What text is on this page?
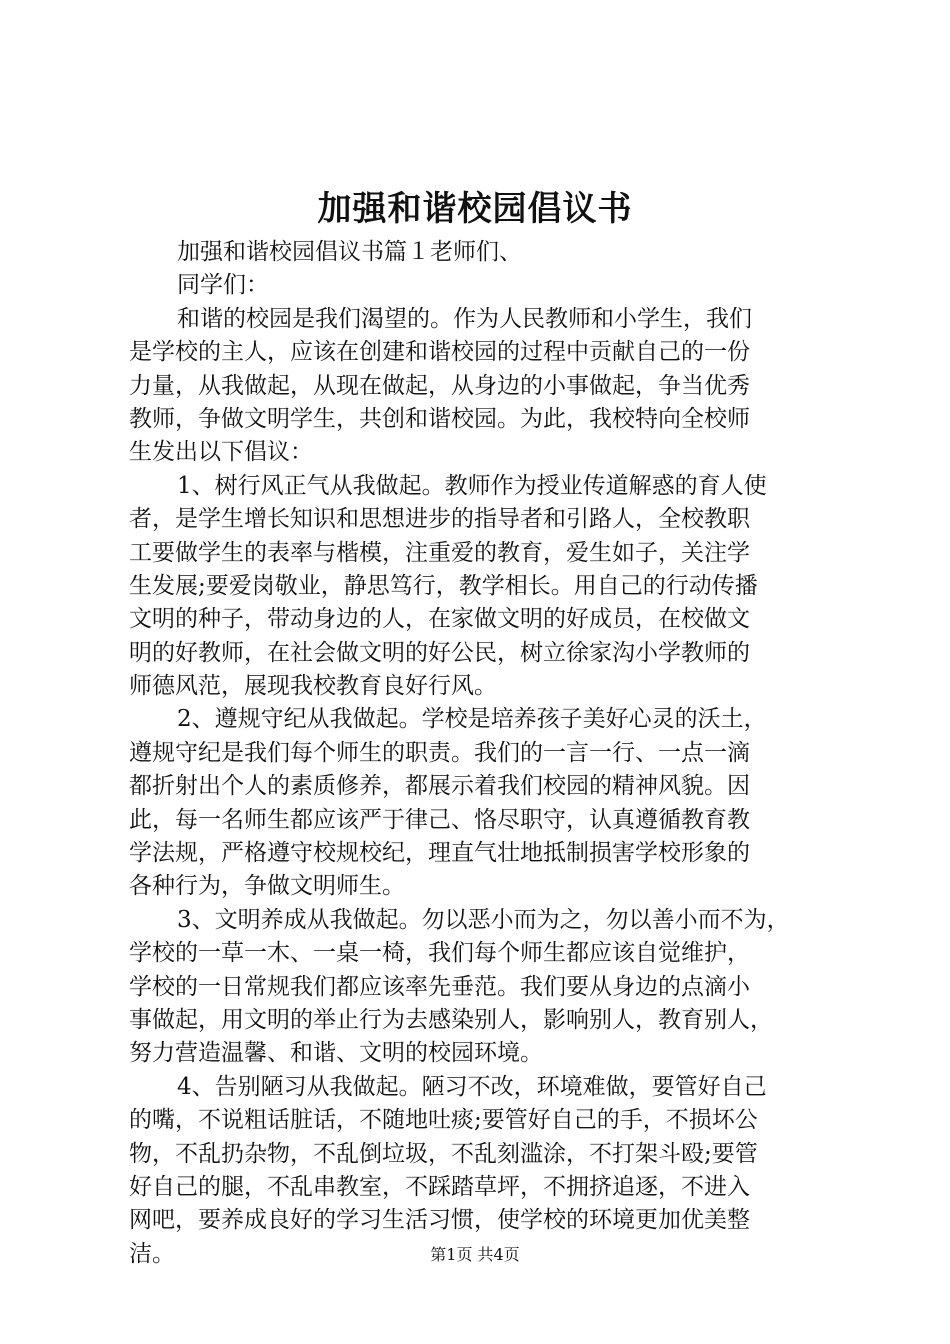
加强和谐校园倡议书
加强和谐校园倡议书篇１老师们、
同学们：
和谐的校园是我们渴望的。作为人民教师和小学生，我们
是学校的主人，应该在创建和谐校园的过程中贡献自己的一份
力量，从我做起，从现在做起，从身边的小事做起，争当优秀
教师，争做文明学生，共创和谐校园。为此，我校特向全校师
生发出以下倡议：
1、树行风正气从我做起。教师作为授业传道解惑的育人使
者，是学生增长知识和思想进步的指导者和引路人，全校教职
工要做学生的表率与楷模，注重爱的教育，爱生如子，关注学
生发展;要爱岗敬业，静思笃行，教学相长。用自己的行动传播
文明的种子，带动身边的人，在家做文明的好成员，在校做文
明的好教师，在社会做文明的好公民，树立徐家沟小学教师的
师德风范，展现我校教育良好行风。
2、遵规守纪从我做起。学校是培养孩子美好心灵的沃土，
遵规守纪是我们每个师生的职责。我们的一言一行、一点一滴
都折射出个人的素质修养，都展示着我们校园的精神风貌。因
此，每一名师生都应该严于律己、恪尽职守，认真遵循教育教
学法规，严格遵守校规校纪，理直气壮地抵制损害学校形象的
各种行为，争做文明师生。
3、文明养成从我做起。勿以恶小而为之，勿以善小而不为，
学校的一草一木、一桌一椅，我们每个师生都应该自觉维护，
学校的一日常规我们都应该率先垂范。我们要从身边的点滴小
事做起，用文明的举止行为去感染别人，影响别人，教育别人，
努力营造温馨、和谐、文明的校园环境。
4、告别陋习从我做起。陋习不改，环境难做，要管好自己
的嘴，不说粗话脏话，不随地吐痰;要管好自己的手，不损坏公
物，不乱扔杂物，不乱倒垃圾，不乱刻滥涂，不打架斗殴;要管
好自己的腿，不乱串教室，不踩踏草坪，不拥挤追逐，不进入
网吧，要养成良好的学习生活习惯，使学校的环境更加优美整
洁。	第1页 共4页
